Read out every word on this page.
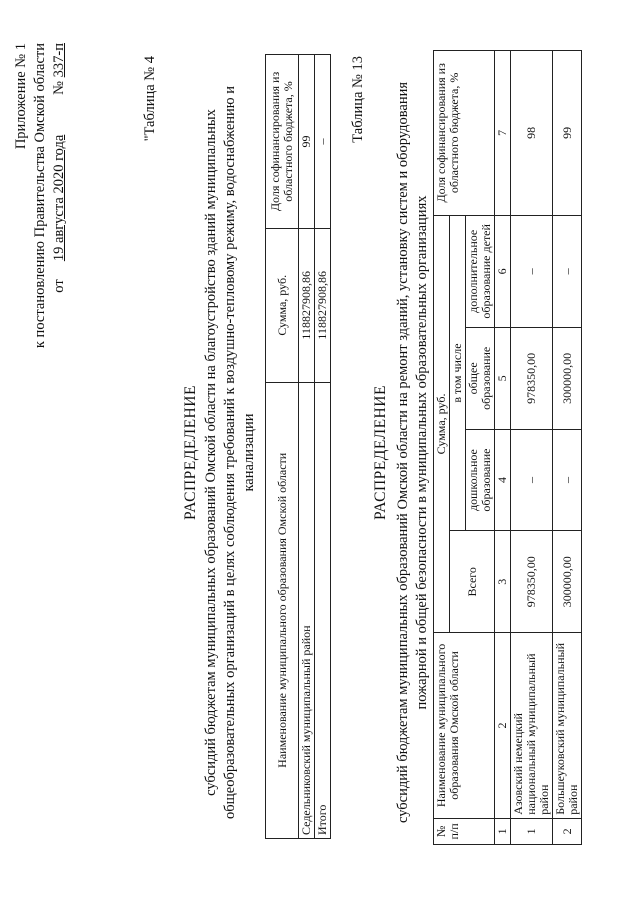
Приложение № 1 к постановлению Правительства Омской области от     19 августа 2020 года           № 337-п	"Таблица № 4
РАСПРЕДЕЛЕНИЕ субсидий бюджетам муниципальных образований Омской области на благоустройство зданий муниципальных общеобразовательных организаций в целях соблюдения требований к воздушно-тепловому режиму, водоснабжению и канализации
Наименование муниципального образования Омской области	Сумма, руб.	Доля софинансирования из областного бюджета, %
Седельниковский муниципальный район	118827908,86	99
Итого	118827908,86	– Таблица № 13
РАСПРЕДЕЛЕНИЕ субсидий бюджетам муниципальных образований Омской области на ремонт зданий, установку систем и оборудования пожарной и общей безопасности в муниципальных образовательных организациях
№ п/п	Наименование муниципального образования Омской области	Сумма, руб.				Доля софинансирования из областного бюджета, %
		Всего	в том числе			
			дошкольное образование	общее образование	дополнительное образование детей	
1	2	3	4	5	6	7
1	Азовский немецкий национальный муниципальный район	978350,00	–	978350,00	–	98
2	Большеуковский муниципальный район	300000,00	–	300000,00	–	99
